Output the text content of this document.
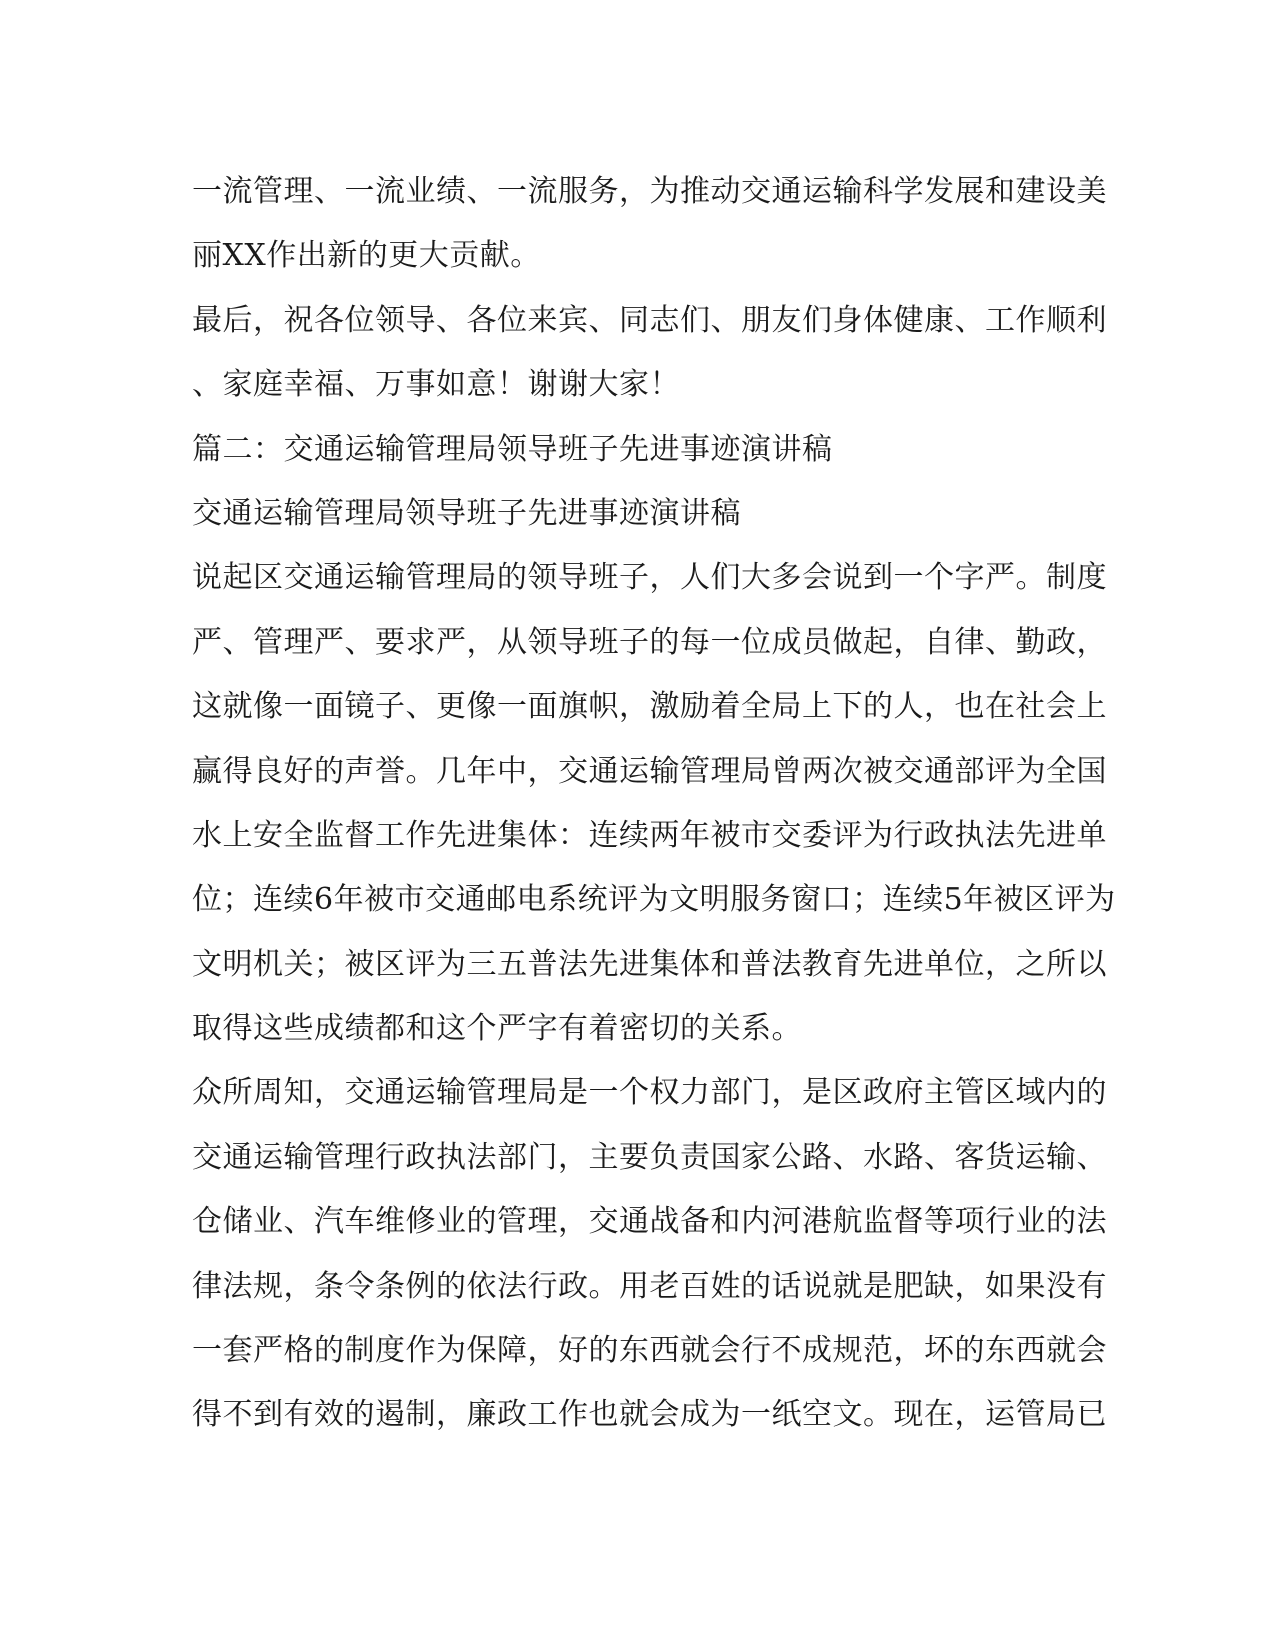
一流管理、一流业绩、一流服务，为推动交通运输科学发展和建设美
丽XX作出新的更大贡献。
最后，祝各位领导、各位来宾、同志们、朋友们身体健康、工作顺利
、家庭幸福、万事如意！谢谢大家！
篇二：交通运输管理局领导班子先进事迹演讲稿
交通运输管理局领导班子先进事迹演讲稿
说起区交通运输管理局的领导班子，人们大多会说到一个字严。制度
严、管理严、要求严，从领导班子的每一位成员做起，自律、勤政，
这就像一面镜子、更像一面旗帜，激励着全局上下的人，也在社会上
赢得良好的声誉。几年中，交通运输管理局曾两次被交通部评为全国
水上安全监督工作先进集体：连续两年被市交委评为行政执法先进单
位；连续6年被市交通邮电系统评为文明服务窗口；连续5年被区评为
文明机关；被区评为三五普法先进集体和普法教育先进单位，之所以
取得这些成绩都和这个严字有着密切的关系。
众所周知，交通运输管理局是一个权力部门，是区政府主管区域内的
交通运输管理行政执法部门，主要负责国家公路、水路、客货运输、
仓储业、汽车维修业的管理，交通战备和内河港航监督等项行业的法
律法规，条令条例的依法行政。用老百姓的话说就是肥缺，如果没有
一套严格的制度作为保障，好的东西就会行不成规范，坏的东西就会
得不到有效的遏制，廉政工作也就会成为一纸空文。现在，运管局已
